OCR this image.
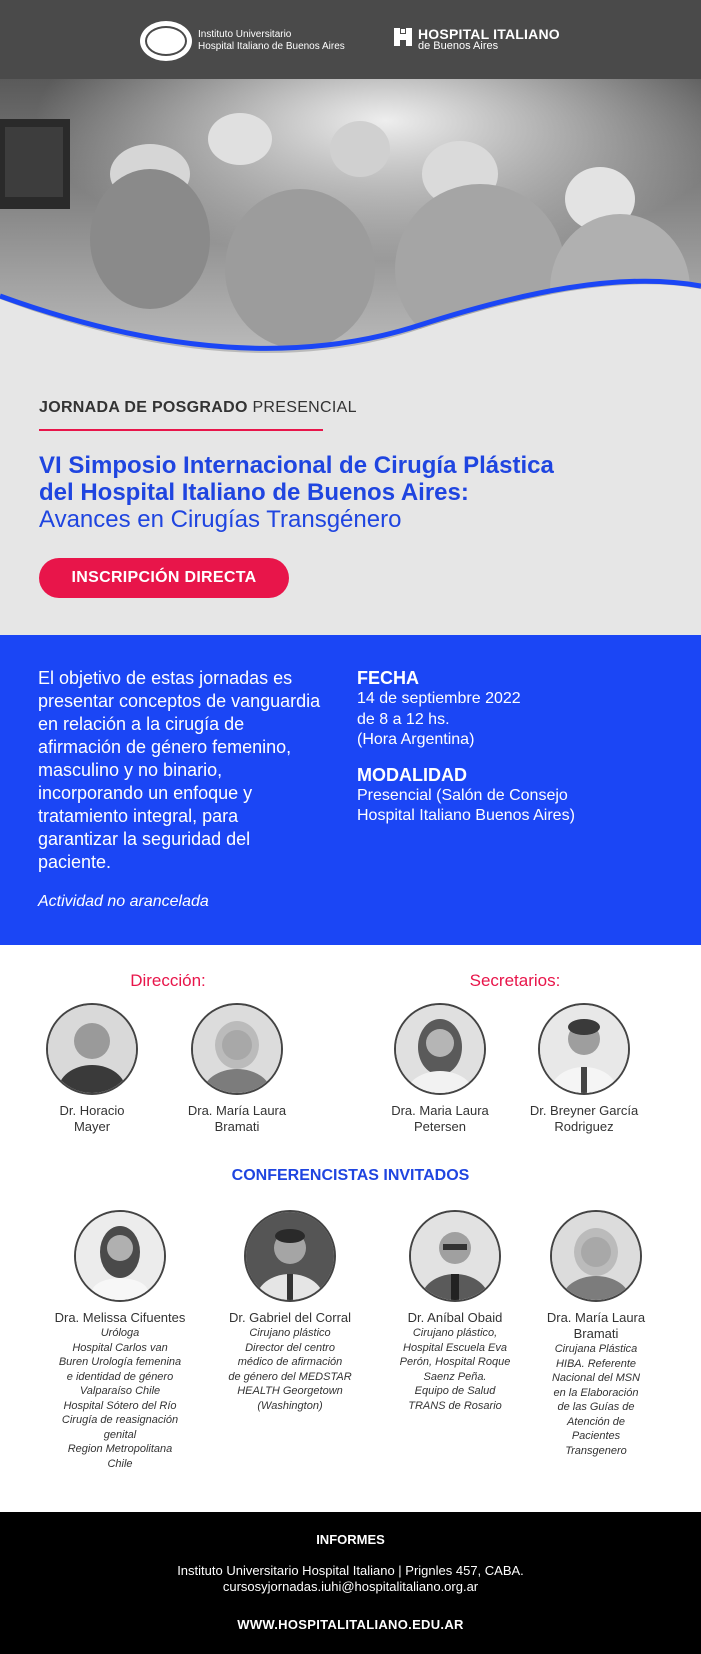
Instituto Universitario
Hospital Italiano de Buenos Aires
HOSPITAL ITALIANO
de Buenos Aires
JORNADA DE POSGRADO PRESENCIAL
VI Simposio Internacional de Cirugía Plástica
del Hospital Italiano de Buenos Aires:
Avances en Cirugías Transgénero
INSCRIPCIÓN DIRECTA
El objetivo de estas jornadas es presentar conceptos de vanguardia en relación a la cirugía de afirmación de género femenino, masculino y no binario, incorporando un enfoque y tratamiento integral, para garantizar la seguridad del paciente.
Actividad no arancelada
FECHA
14 de septiembre 2022
de 8 a 12 hs.
(Hora Argentina)
MODALIDAD
Presencial (Salón de Consejo
Hospital Italiano Buenos Aires)
Dirección:	Secretarios:
Dr. Horacio
Mayer
Dra. María Laura
Bramati
Dra. Maria Laura
Petersen
Dr. Breyner García
Rodriguez
CONFERENCISTAS INVITADOS
Dra. Melissa Cifuentes
Uróloga
Hospital Carlos van
Buren Urología femenina
e identidad de género
Valparaíso Chile
Hospital Sótero del Río
Cirugía de reasignación
genital
Region Metropolitana
Chile
Dr. Gabriel del Corral
Cirujano plástico
Director del centro
médico de afirmación
de género del MEDSTAR
HEALTH Georgetown
(Washington)
Dr. Aníbal Obaid
Cirujano plástico,
Hospital Escuela Eva
Perón, Hospital Roque
Saenz Peña.
Equipo de Salud
TRANS de Rosario
Dra. María Laura
Bramati
Cirujana Plástica
HIBA. Referente
Nacional del MSN
en la Elaboración
de las Guías de
Atención de
Pacientes
Transgenero
INFORMES
Instituto Universitario Hospital Italiano | Prignles 457, CABA.
cursosyjornadas.iuhi@hospitalitaliano.org.ar
WWW.HOSPITALITALIANO.EDU.AR
